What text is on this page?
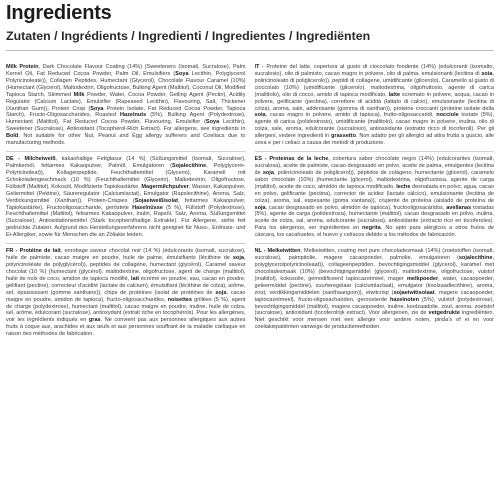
Ingredients
Zutaten / Ingrédients / Ingredienti / Ingredientes / Ingrediënten

Milk Protein, Dark Chocolate Flavour Coating (14%) (Sweeteners (Isomalt, Sucralose), Palm Kernel Oil, Fat Reduced Cocoa Powder, Palm Oil, Emulsifiers (Soya Lecithin, Polyglycerol Polyricinoleate)), Collagen Peptides, Humectant (Glycerol), Chocolate Flavour Caramel (10%) (Humectant (Glycerol), Maltodextrin, Oligofructose, Bulking Agent (Maltitol), Coconut Oil, Modified Tapioca Starch, Skimmed Milk Powder, Water, Cocoa Powder, Gelling Agent (Pectin), Acidity Regulator (Calcium Lactate), Emulsifier (Rapeseed Lecithin), Flavouring, Salt, Thickener (Xanthan Gum)), Protein Crisp (Soya Protein Isolate, Fat Reduced Cocoa Powder, Tapioca Starch), Fructo-Oligosaccharides, Roasted Hazelnuts (5%), Bulking Agent (Polydextrose), Humectant (Maltitol), Fat Reduced Cocoa Powder, Flavouring, Emulsifier (Soya Lecithin), Sweetener (Sucralose), Antioxidant (Tocopherol-Rich Extract). For allergens, see ingredients in Bold. Not suitable for other Nut, Peanut and Egg allergy sufferers and Coeliacs due to manufacturing methods.

DE - Milcheiweiß, kakaohaltige Fettglasur (14 %) (Süßungsmittel (Isomalt, Sucralose), Palmkernöl, fettarmes Kakaopulver, Palmöl, Emulgatoren (Sojalecithine, Polyglycerin-Polyricinoleat)), Kollagenpeptide, Feuchthaltemittel (Glycerin), Karamell mit Schokoladengeschmack (10 %) (Feuchthaltemittel (Glycerin), Maltodextrin, Oligofructose, Füllstoff (Maltitol), Kokosöl, Modifizierte Tapiokastärke, Magermilchpulver, Wasser, Kakaopulver, Geliermittel (Pektine), Säureregulator (Calciumlactat), Emulgator (Rapslecithine), Aroma, Salz, Verdickungsmittel (Xanthan)), Protein-Crispies (Sojaeiweißisolat, fettarmes Kakaopulver, Tapiokastärke), Fructooligosaccharide, geröstete Haselnüsse (5 %), Füllstoff (Polydextrose), Feuchthaltemittel (Maltitol), fettarmes Kakaopulver, Inulin, Rapsöl, Salz, Aroma, Süßungsmittel (Sucralose), Antioxidationsmittel (Stark tocopherolhaltige Extrakte). Für Allergene, siehe fett gedruckte Zutaten. Aufgrund des Herstellungsverfahrens nicht geeignet für Nuss-, Erdnuss- und Ei-Allergiker, sowie für Menschen die an Zöliakie leiden.

FR - Protéine de lait, enrobage saveur chocolat noir (14 %) (édulcorants (isomalt, sucralose), huile de palmiste, cacao maigre en poudre, huile de palme, émulsifiants (lécithine de soja, polyricinoléate de polyglycérol)), peptides de collagène, humectant (glycérol), Caramel saveur chocolat (10 %) (humectant (glycérol), maltodextrine, oligofructose, agent de charge (maltitol), huile de noix de coco, amidon de tapioca modifié, lait écrémé en poudre, eau, cacao en poudre, gélifiant (pectine), correcteur d'acidité (lactate de calcium), émulsifiant (lécithine de colza), arôme, sel, épaississant (gomme xanthane)), chips de protéines (isolat de protéines de soja, cacao maigre en poudre, amidon de tapioca), fructo-oligosaccharides, noisettes grillées (5 %), agent de charge (polydextrose), humectant (maltitol), cacao maigre en poudre, inuline, huile de colza, sel, arôme, édulcorant (sucralose), antioxydant (extrait riche en tocophérols). Pour les allergènes, voir les ingrédients indiqués en gras. Ne convient pas aux personnes allergiques aux autres fruits à coque aux, arachides et aux œufs et aux personnes souffrant de la maladie cœliaque en raison des méthodes de fabrication.

IT - Proteine del latte, copertura al gusto di cioccolato fondente (14%) (edulcoranti (isomalto, sucralosio), olio di palmisto, cacao magro in polvere, olio di palma, emulsionanti (lecitina di soia, poliricinoleato di poliglicerolo)), peptidi di collagene, umidificante (glicerolo), Caramello al gusto di cioccolato (10%) (umidificante (glicerolo), maltodestrina, oligofruttosio, agente di carica (maltitolo), olio di cocco, amido di tapioca modificato, latte scremato in polvere, acqua, cacao in polvere, gelificante (pectina), correttore di acidità (lattato di calcio), emulsionante (lecitina di colza), aroma, sale, addensante (gomma di xanthan)), proteine croccanti (proteine isolate della soia, cacao magro in polvere, amido di tapioca), frutto-oligosaccaridi, nocciole tostate (5%), agente di carica (polidestrosio), umidificante (maltitolo), cacao magro in polvere, inulina, olio di colza, sale, aroma, edulcorante (sucralosio), antiossidante (estratto ricco di tocoferoli). Per gli allergeni, vedere ingredienti in grassetto. Non adatto per gli allergici ad altra frutta a guscio, alle uova e per i celiaci a causa dei metodi di produzione.

ES - Proteínas de la leche, cobertura sabor chocolate negro (14%) (edulcorantes (isomalt, sucralosa), aceite de palmiste, cacao desgrasado en polvo, aceite de palma, emulgentes (lecitina de soja, polirricinoleato de poliglicerol)), péptidos de colágeno, humectante (glicerol), caramelo sabor chocolate (10%) (humectante (glicerol), maltodextrina, oligofructosa, agente de carga (maltitol), aceite de coco, almidón de tapioca modificado, leche desnatada en polvo, agua, cacao en polvo, gelificante (pectina), corrector de acidez (lactato cálcico), emulsionante (lecitina de colza), aroma, sal, espesante (goma xantana)), crujiente de proteína (aislado de proteína de soja, cacao desgrasado en polvo, almidón de tapioca), fructooligosacáridos, avellanas tostadas (5%), agente de carga (polidextrosa), humectante (maltitol), cacao desgrasado en polvo, inulina, aceite de colza, sal, aroma, edulcorante (sucralosa), antioxidante (extracto rico en tocoferoles). Para los alergenos, ver ingredientes en negrita. No apto para alérgicos a otros frutos de cáscara, los cacahuetes, el huevo y celíacos debido a los métodos de fabricación.

NL - Melkeiwitten, Melkeiwitten, coating met pure chocoladesmaak (14%) (zoetstoffen (isomalt, sucralose), palmpitolie, magere cacaopoeder, palmolie, emulgatoren (sojalecithine, polyglycerolpolyricinoleaat)), collageenpeptiden, bevochtigingsmiddel (glycerol), karamel met chocoladesmaak (10%) (bevochtigingsmiddel (glycerol), maltodextrine, oligofructose, vulstof (maltitol), kokosolie, gemodificeerd tapiocazetmeel, mager melkpoeder, water, cacaopoeder, geleermiddel (pectine), zuurteregelaar (calciumlactaat), emulgator (koolzaadlecithine), aroma, zout, verdikkingsmiddelen (xanthaangom)), eiwitcrisp (sojaeiwitisolaat, magere cacaopoeder, tapiocazetmeel), fructo-oligosachariden, geroosterde hazelnoten (5%), vulstof (polydextrose), bevochtigingsmiddel (maltitol), magere cacaopoeder, inuline, koolzaadolie, zout, aroma, zoetstof (sucralose), antioxidant (tocoferolrijk extract). Voor allergenen, zie de vetgedrukte ingrediënten. Niet geschikt voor mensen met een allergie voor andere noten, pinda's of ei en voor coeliakiepatiënten vanwege de productiemethoden.
